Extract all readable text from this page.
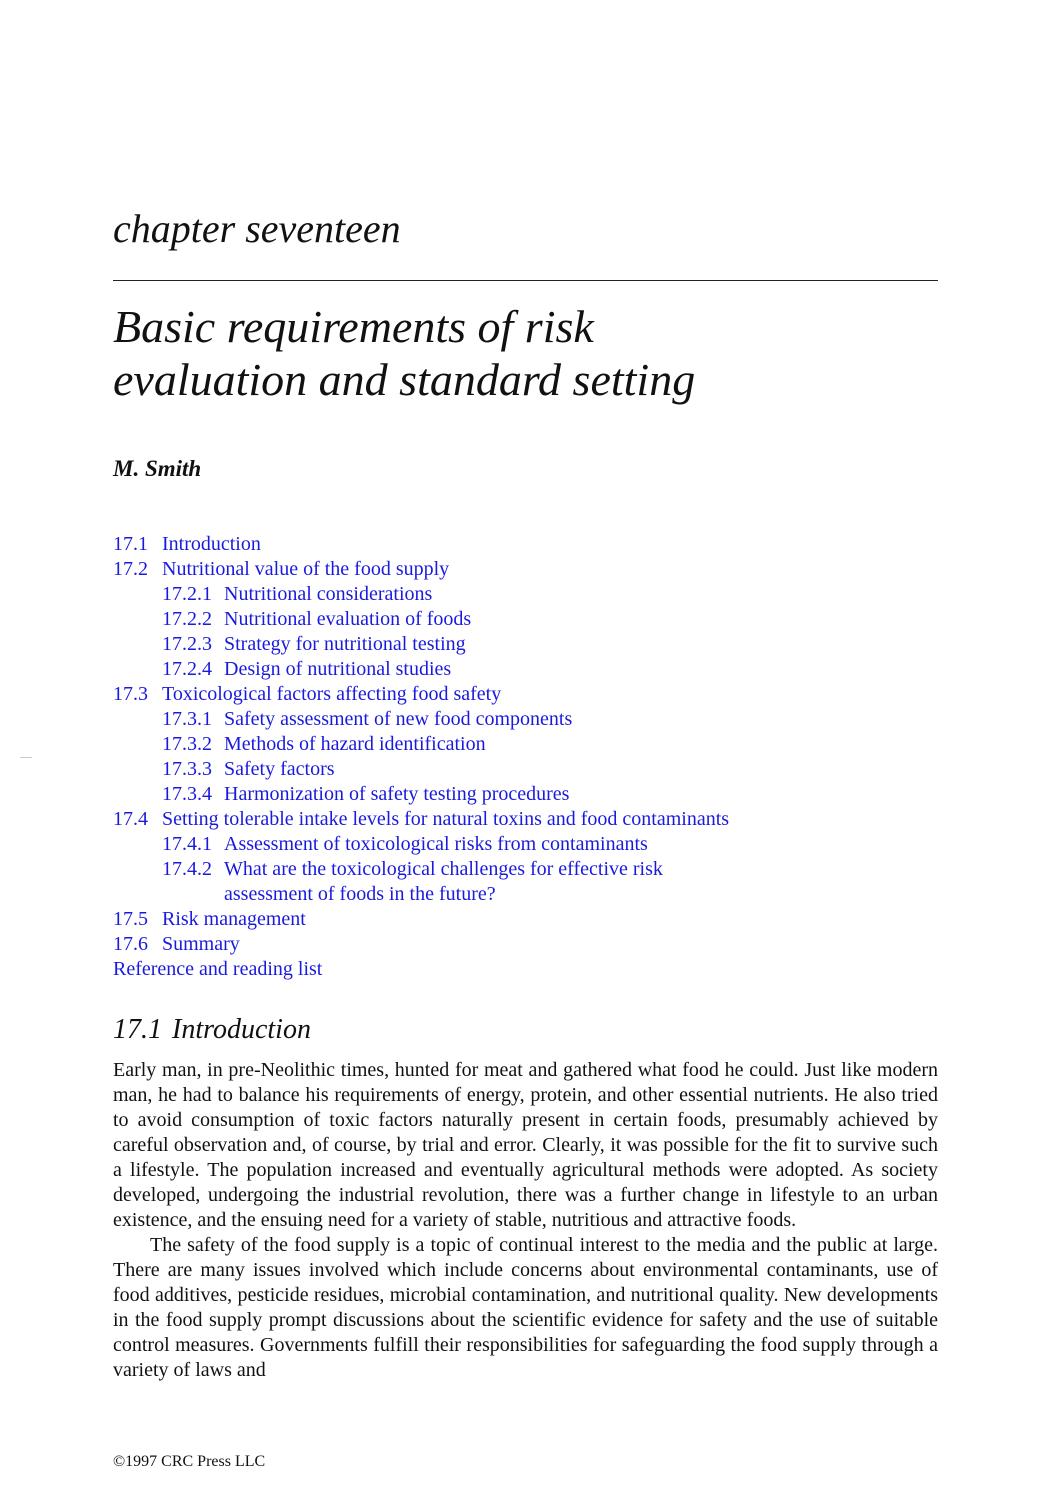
chapter seventeen
Basic requirements of risk
evaluation and standard setting

M. Smith

17.1 Introduction
17.2 Nutritional value of the food supply
17.2.1 Nutritional considerations
17.2.2 Nutritional evaluation of foods
17.2.3 Strategy for nutritional testing
17.2.4 Design of nutritional studies
17.3 Toxicological factors affecting food safety
17.3.1 Safety assessment of new food components
17.3.2 Methods of hazard identification
17.3.3 Safety factors
17.3.4 Harmonization of safety testing procedures
17.4 Setting tolerable intake levels for natural toxins and food contaminants
17.4.1 Assessment of toxicological risks from contaminants
17.4.2 What are the toxicological challenges for effective risk
assessment of foods in the future?
17.5 Risk management
17.6 Summary
Reference and reading list
17.1 Introduction

Early man, in pre-Neolithic times, hunted for meat and gathered what food he could. Just like modern man, he had to balance his requirements of energy, protein, and other essential nutrients. He also tried to avoid consumption of toxic factors naturally present in certain foods, presumably achieved by careful observation and, of course, by trial and error. Clearly, it was possible for the fit to survive such a lifestyle. The population increased and eventually agricultural methods were adopted. As society developed, undergoing the industrial revolution, there was a further change in lifestyle to an urban existence, and the ensuing need for a variety of stable, nutritious and attractive foods.

The safety of the food supply is a topic of continual interest to the media and the public at large. There are many issues involved which include concerns about environmental contaminants, use of food additives, pesticide residues, microbial contamination, and nutritional quality. New developments in the food supply prompt discussions about the scientific evidence for safety and the use of suitable control measures. Governments fulfill their responsibilities for safeguarding the food supply through a variety of laws and

©1997 CRC Press LLC
